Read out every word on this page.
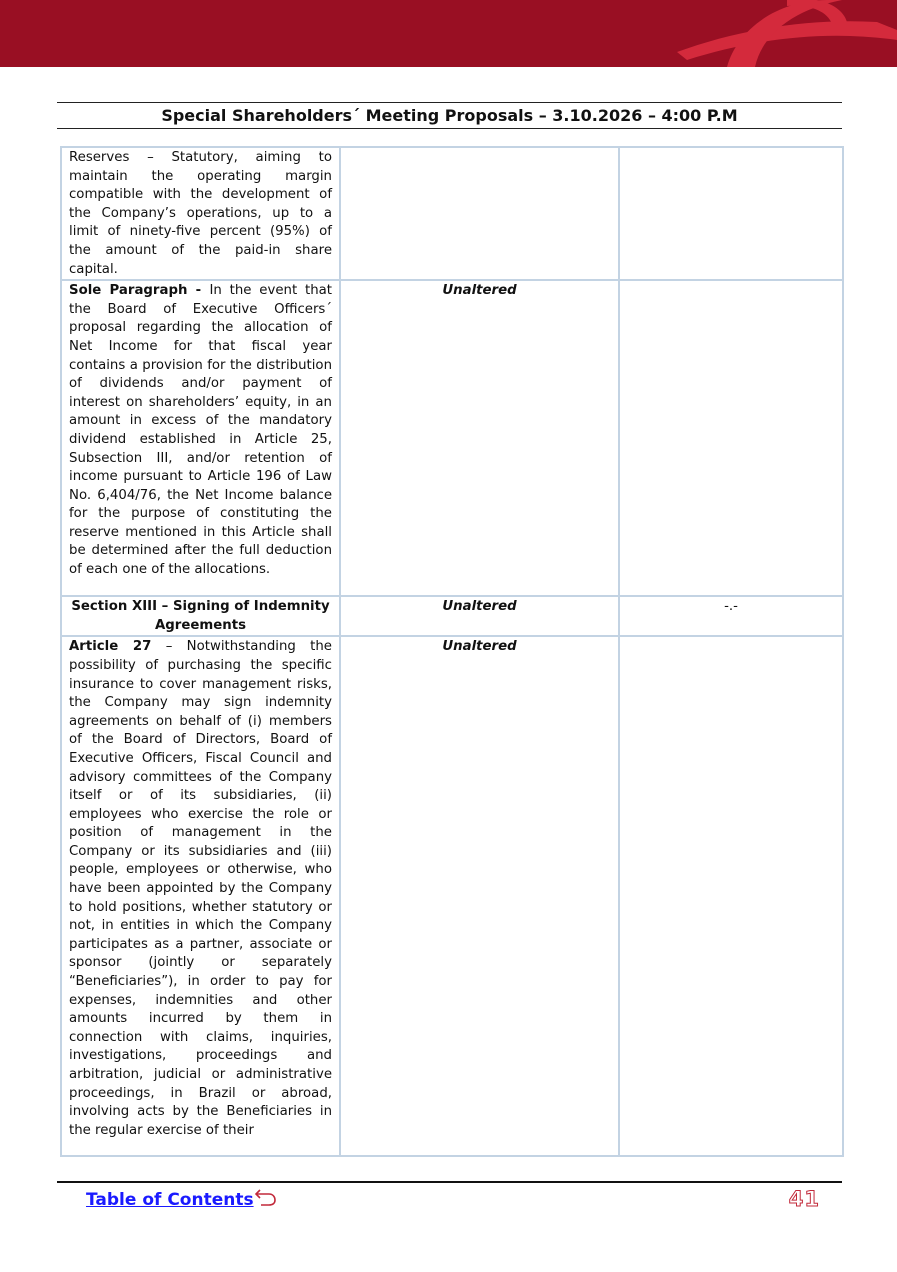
Special Shareholders´ Meeting Proposals – 3.10.2026 – 4:00 P.M
Reserves – Statutory, aiming to maintain the operating margin compatible with the development of the Company’s operations, up to a limit of ninety-five percent (95%) of the amount of the paid-in share capital.		
Sole Paragraph - In the event that the Board of Executive Officers´ proposal regarding the allocation of Net Income for that fiscal year contains a provision for the distribution of dividends and/or payment of interest on shareholders’ equity, in an amount in excess of the mandatory dividend established in Article 25, Subsection III, and/or retention of income pursuant to Article 196 of Law No. 6,404/76, the Net Income balance for the purpose of constituting the reserve mentioned in this Article shall be determined after the full deduction of each one of the allocations.	Unaltered	
Section XIII – Signing of Indemnity Agreements	Unaltered	-.-
Article 27 – Notwithstanding the possibility of purchasing the specific insurance to cover management risks, the Company may sign indemnity agreements on behalf of (i) members of the Board of Directors, Board of Executive Officers, Fiscal Council and advisory committees of the Company itself or of its subsidiaries, (ii) employees who exercise the role or position of management in the Company or its subsidiaries and (iii) people, employees or otherwise, who have been appointed by the Company to hold positions, whether statutory or not, in entities in which the Company participates as a partner, associate or sponsor (jointly or separately “Beneficiaries”), in order to pay for expenses, indemnities and other amounts incurred by them in connection with claims, inquiries, investigations, proceedings and arbitration, judicial or administrative proceedings, in Brazil or abroad, involving acts by the Beneficiaries in the regular exercise of their	Unaltered	
Table of Contents	41
